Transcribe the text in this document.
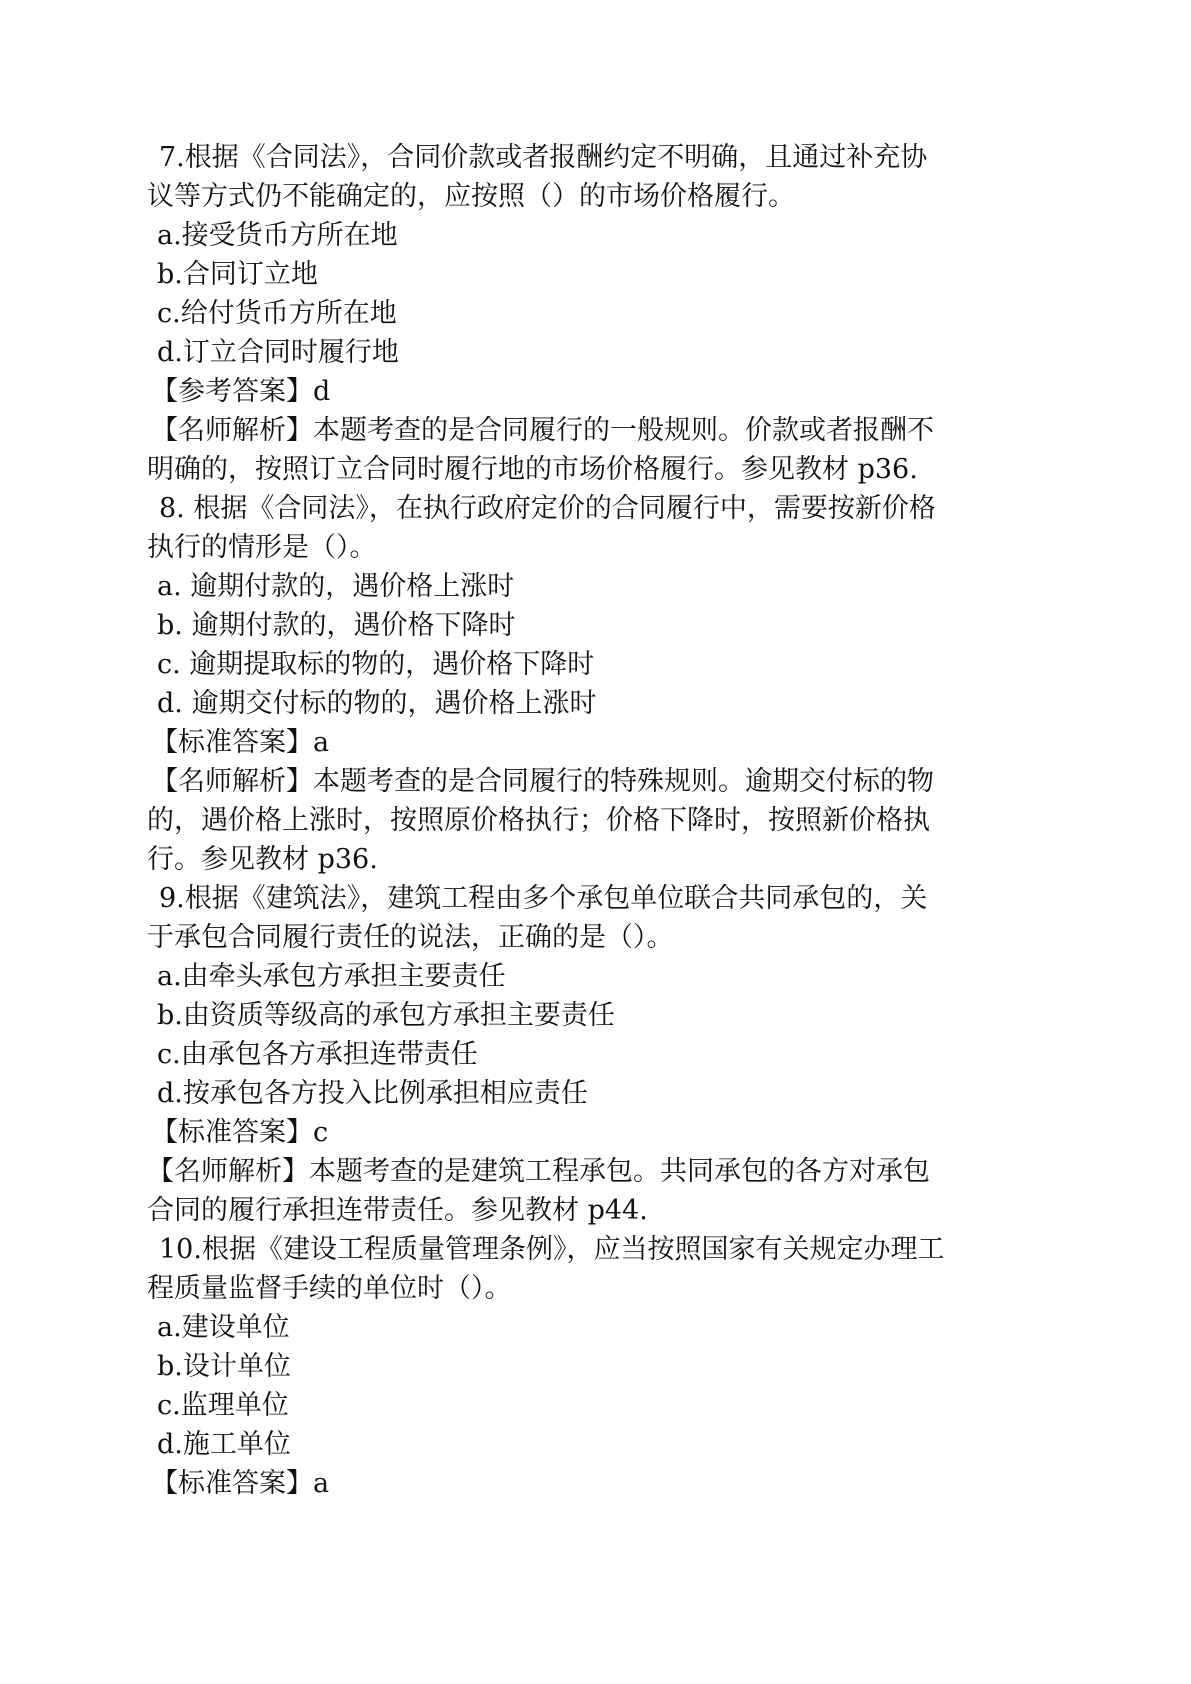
7.根据《合同法》，合同价款或者报酬约定不明确，且通过补充协
议等方式仍不能确定的，应按照（）的市场价格履行。
a.接受货币方所在地
b.合同订立地
c.给付货币方所在地
d.订立合同时履行地
【参考答案】d
【名师解析】本题考查的是合同履行的一般规则。价款或者报酬不
明确的，按照订立合同时履行地的市场价格履行。参见教材 p36.
8. 根据《合同法》，在执行政府定价的合同履行中，需要按新价格
执行的情形是（）。
a. 逾期付款的，遇价格上涨时
b. 逾期付款的，遇价格下降时
c. 逾期提取标的物的，遇价格下降时
d. 逾期交付标的物的，遇价格上涨时
【标准答案】a
【名师解析】本题考查的是合同履行的特殊规则。逾期交付标的物
的，遇价格上涨时，按照原价格执行；价格下降时，按照新价格执
行。参见教材 p36.
9.根据《建筑法》，建筑工程由多个承包单位联合共同承包的，关
于承包合同履行责任的说法，正确的是（）。
a.由牵头承包方承担主要责任
b.由资质等级高的承包方承担主要责任
c.由承包各方承担连带责任
d.按承包各方投入比例承担相应责任
【标准答案】c
【名师解析】本题考查的是建筑工程承包。共同承包的各方对承包
合同的履行承担连带责任。参见教材 p44.
10.根据《建设工程质量管理条例》，应当按照国家有关规定办理工
程质量监督手续的单位时（）。
a.建设单位
b.设计单位
c.监理单位
d.施工单位
【标准答案】a
